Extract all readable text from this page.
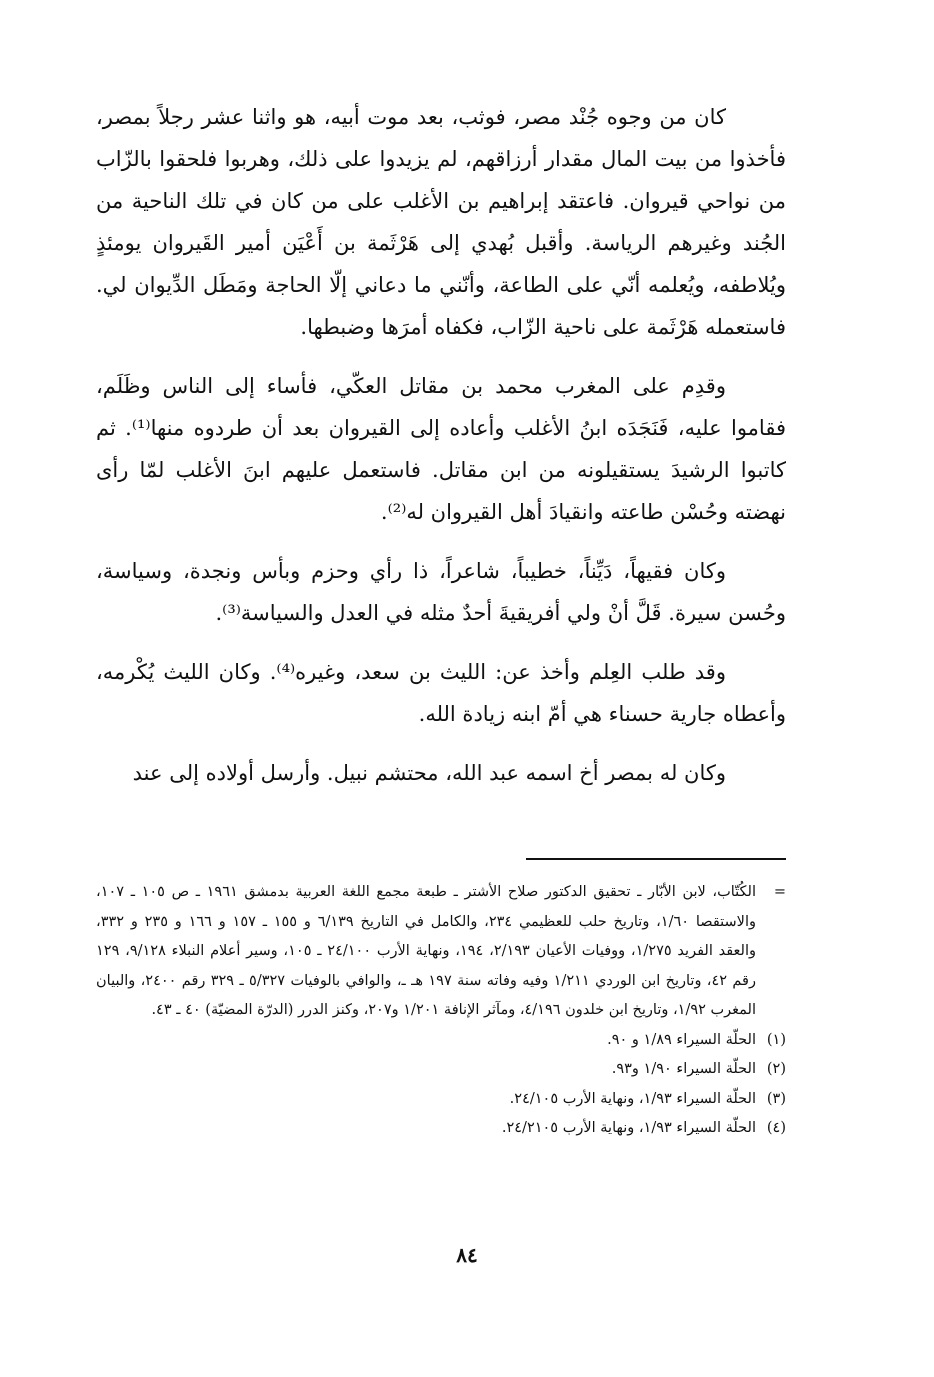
كان من وجوه جُنْد مصر، فوثب، بعد موت أبيه، هو واثنا عشر رجلاً بمصر، فأخذوا من بيت المال مقدار أرزاقهم، لم يزيدوا على ذلك، وهربوا فلحقوا بالزّاب من نواحي قيروان. فاعتقد إبراهيم بن الأغلب على من كان في تلك الناحية من الجُند وغيرهم الرياسة. وأقبل بُهدي إلى هَرْثَمة بن أَعْيَن أمير القَيروان يومئذٍ ويُلاطفه، ويُعلمه أنّي على الطاعة، وأنّني ما دعاني إلّا الحاجة ومَطَل الدِّيوان لي. فاستعمله هَرْثَمة على ناحية الزّاب، فكفاه أمرَها وضبطها.

وقدِم على المغرب محمد بن مقاتل العكّي، فأساء إلى الناس وظَلَم، فقاموا عليه، فَنَجَدَه ابنُ الأغلب وأعاده إلى القيروان بعد أن طردوه منها⁽¹⁾. ثم كاتبوا الرشيدَ يستقيلونه من ابن مقاتل. فاستعمل عليهم ابنَ الأغلب لمّا رأى نهضته وحُسْن طاعته وانقيادَ أهل القيروان له⁽²⁾.

وكان فقيهاً، دَيِّناً، خطيباً، شاعراً، ذا رأي وحزم وبأس ونجدة، وسياسة، وحُسن سيرة. قَلَّ أنْ ولي أفريقيةَ أحدٌ مثله في العدل والسياسة⁽³⁾.

وقد طلب العِلم وأخذ عن: الليث بن سعد، وغيره⁽⁴⁾. وكان الليث يُكْرمه، وأعطاه جارية حسناء هي أمّ ابنه زيادة الله.

وكان له بمصر أخ اسمه عبد الله، محتشم نبيل. وأرسل أولاده إلى عند

=
الكُتّاب، لابن الأبّار ـ تحقيق الدكتور صلاح الأشتر ـ طبعة مجمع اللغة العربية بدمشق ١٩٦١ ـ ص ١٠٥ ـ ١٠٧، والاستقصا ١/٦٠، وتاريخ حلب للعظيمي ٢٣٤، والكامل في التاريخ ٦/١٣٩ و ١٥٥ ـ ١٥٧ و ١٦٦ و ٢٣٥ و ٣٣٢، والعقد الفريد ١/٢٧٥، ووفيات الأعيان ٢/١٩٣، ١٩٤، ونهاية الأرب ٢٤/١٠٠ ـ ١٠٥، وسير أعلام النبلاء ٩/١٢٨، ١٢٩ رقم ٤٢، وتاريخ ابن الوردي ١/٢١١ وفيه وفاته سنة ١٩٧ هـ ـ، والوافي بالوفيات ٥/٣٢٧ ـ ٣٢٩ رقم ٢٤٠٠، والبيان المغرب ١/٩٢، وتاريخ ابن خلدون ٤/١٩٦، ومآثر الإنافة ١/٢٠١ و٢٠٧، وكنز الدرر (الدرّة المضيّة) ٤٠ ـ ٤٣.
(١)
الحلّة السيراء ١/٨٩ و ٩٠.
(٢)
الحلّة السيراء ١/٩٠ و٩٣.
(٣)
الحلّة السيراء ١/٩٣، ونهاية الأرب ٢٤/١٠٥.
(٤)
الحلّة السيراء ١/٩٣، ونهاية الأرب ٢٤/٢١٠٥.
٨٤
